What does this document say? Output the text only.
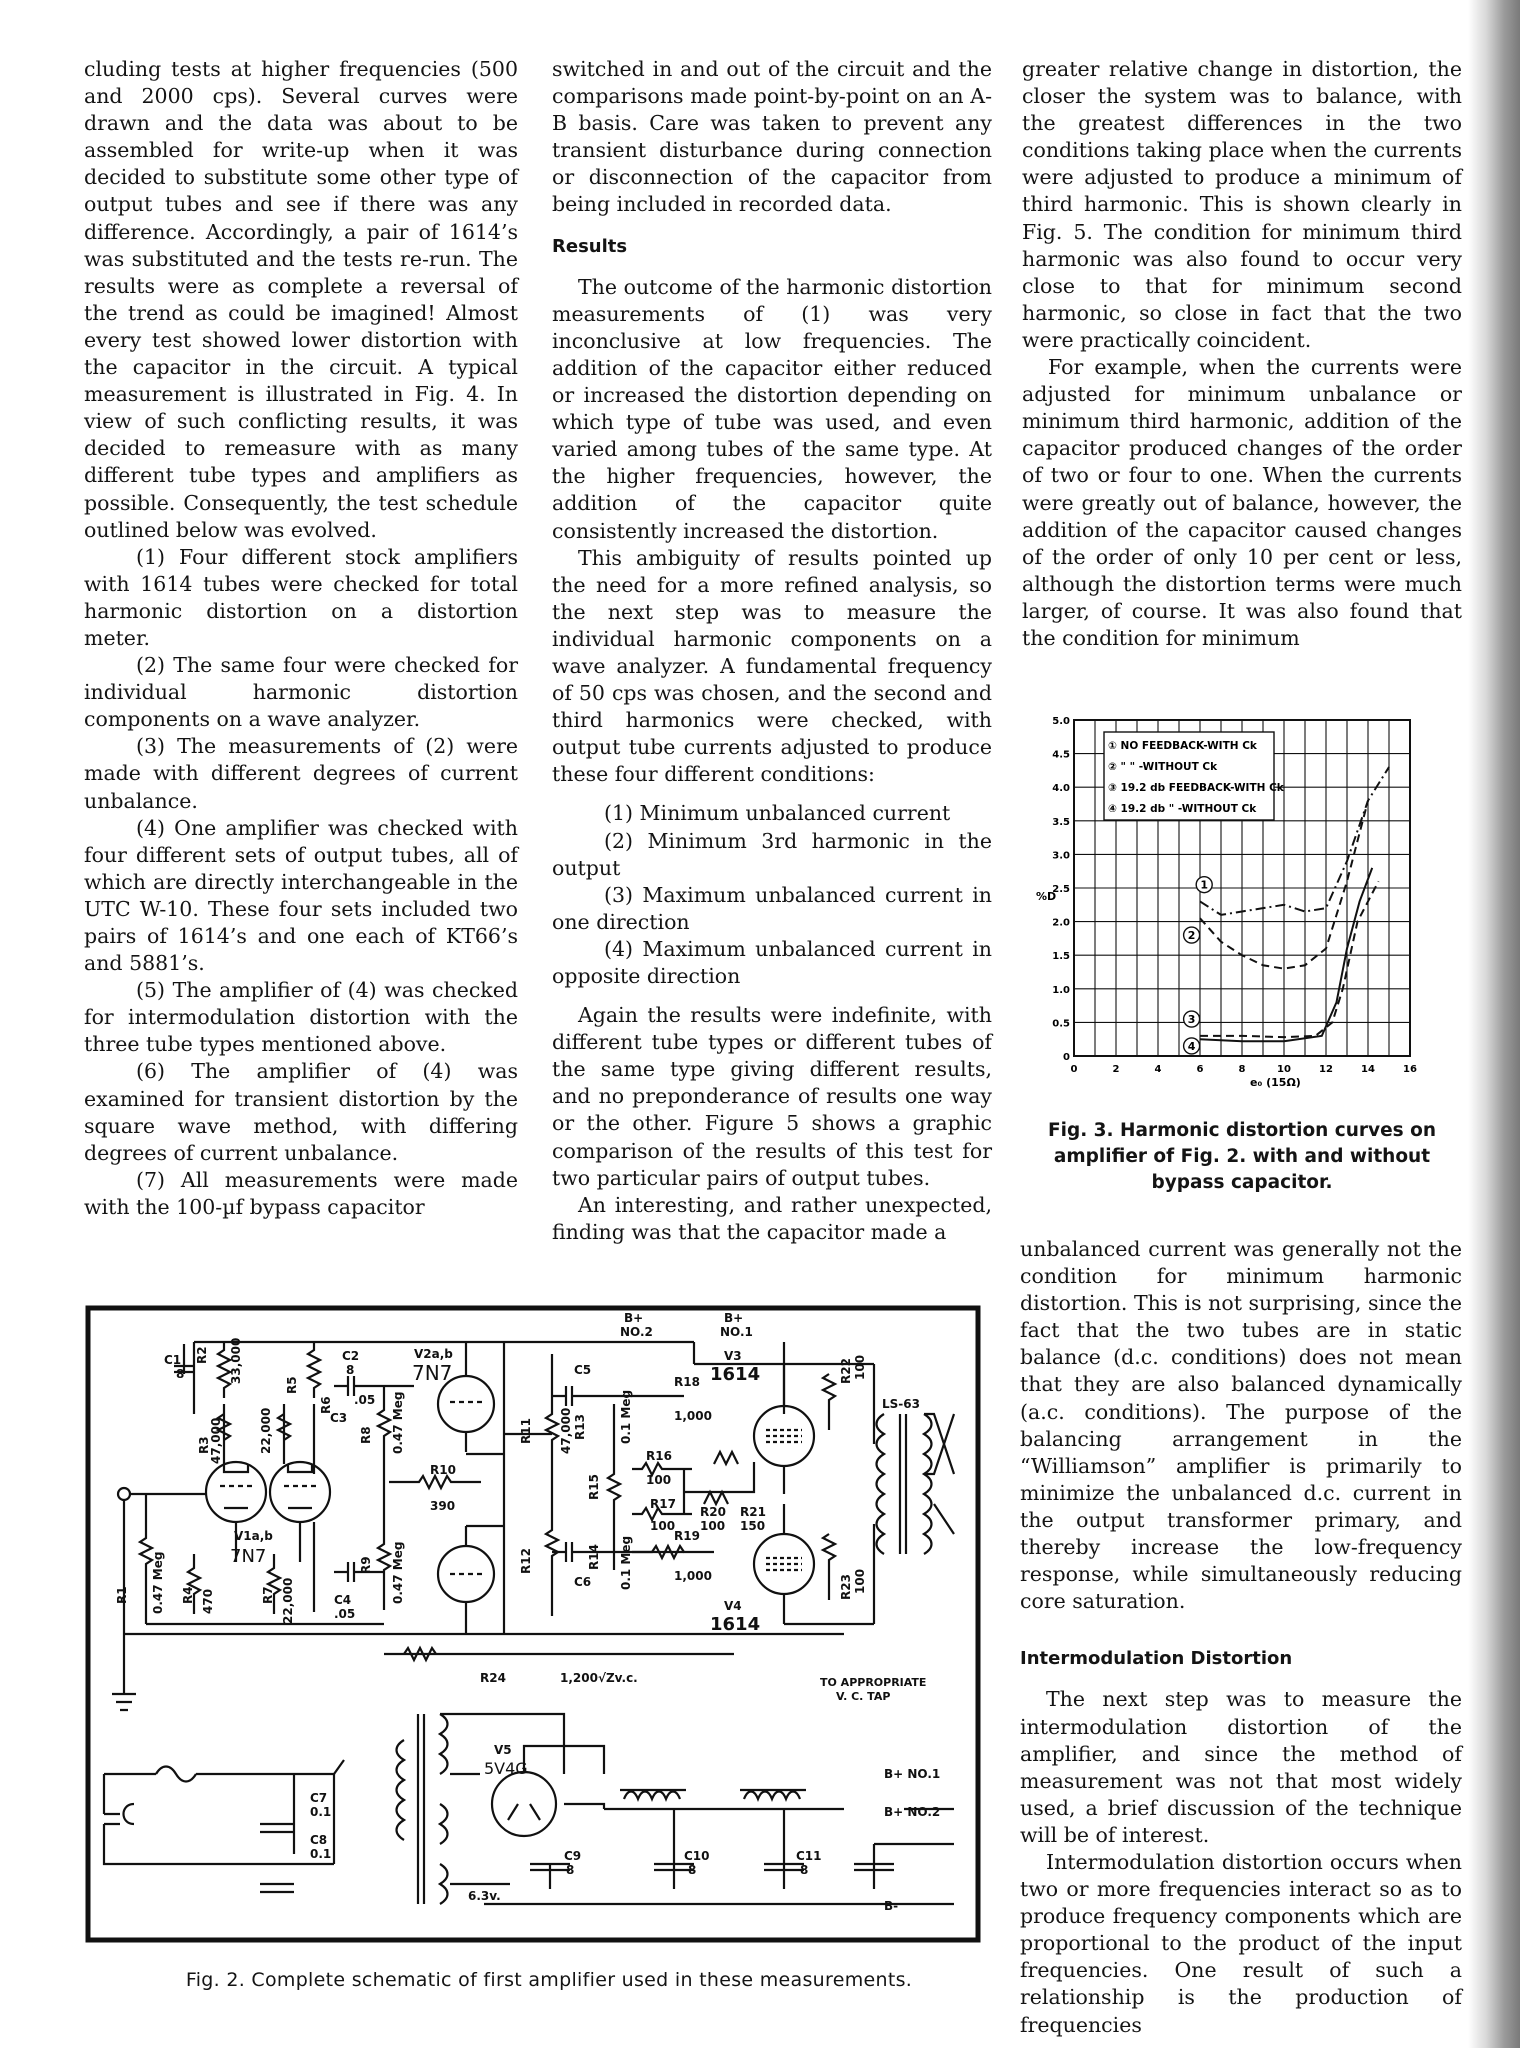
cluding tests at higher frequencies (500 and 2000 cps). Several curves were drawn and the data was about to be assembled for write-up when it was decided to substitute some other type of output tubes and see if there was any difference. Accordingly, a pair of 1614’s was substituted and the tests re-run. The results were as complete a reversal of the trend as could be imagined! Almost every test showed lower distortion with the capacitor in the circuit. A typical measurement is illustrated in Fig. 4. In view of such conflicting results, it was decided to remeasure with as many different tube types and amplifiers as possible. Consequently, the test schedule outlined below was evolved.

(1) Four different stock amplifiers with 1614 tubes were checked for total harmonic distortion on a distortion meter.

(2) The same four were checked for individual harmonic distortion components on a wave analyzer.

(3) The measurements of (2) were made with different degrees of current unbalance.

(4) One amplifier was checked with four different sets of output tubes, all of which are directly interchangeable in the UTC W-10. These four sets included two pairs of 1614’s and one each of KT66’s and 5881’s.

(5) The amplifier of (4) was checked for intermodulation distortion with the three tube types mentioned above.

(6) The amplifier of (4) was examined for transient distortion by the square wave method, with differing degrees of current unbalance.

(7) All measurements were made with the 100-µf bypass capacitor

switched in and out of the circuit and the comparisons made point-by-point on an A-B basis. Care was taken to prevent any transient disturbance during connection or disconnection of the capacitor from being included in recorded data.

Results

The outcome of the harmonic distortion measurements of (1) was very inconclusive at low frequencies. The addition of the capacitor either reduced or increased the distortion depending on which type of tube was used, and even varied among tubes of the same type. At the higher frequencies, however, the addition of the capacitor quite consistently increased the distortion.

This ambiguity of results pointed up the need for a more refined analysis, so the next step was to measure the individual harmonic components on a wave analyzer. A fundamental frequency of 50 cps was chosen, and the second and third harmonics were checked, with output tube currents adjusted to produce these four different conditions:

(1) Minimum unbalanced current

(2) Minimum 3rd harmonic in the output

(3) Maximum unbalanced current in one direction

(4) Maximum unbalanced current in opposite direction

Again the results were indefinite, with different tube types or different tubes of the same type giving different results, and no preponderance of results one way or the other. Figure 5 shows a graphic comparison of the results of this test for two particular pairs of output tubes.

An interesting, and rather unexpected, finding was that the capacitor made a

greater relative change in distortion, the closer the system was to balance, with the greatest differences in the two conditions taking place when the currents were adjusted to produce a minimum of third harmonic. This is shown clearly in Fig. 5. The condition for minimum third harmonic was also found to occur very close to that for minimum second harmonic, so close in fact that the two were practically coincident.

For example, when the currents were adjusted for minimum unbalance or minimum third harmonic, addition of the capacitor produced changes of the order of two or four to one. When the currents were greatly out of balance, however, the addition of the capacitor caused changes of the order of only 10 per cent or less, although the distortion terms were much larger, of course. It was also found that the condition for minimum

0	2	4	6	8	10	12	14	16
0
0.5
1.0
1.5
2.0
2.5
3.0
3.5
4.0
4.5
5.0
1
2
3
4
① NO FEEDBACK-WITH Ck
② " " -WITHOUT Ck
③ 19.2 db FEEDBACK-WITH Ck
④ 19.2 db " -WITHOUT Ck
%D
e₀ (15Ω)
Fig. 3. Harmonic distortion curves on amplifier of Fig. 2. with and without bypass capacitor.

unbalanced current was generally not the condition for minimum harmonic distortion. This is not surprising, since the fact that the two tubes are in static balance (d.c. conditions) does not mean that they are also balanced dynamically (a.c. conditions). The purpose of the balancing arrangement in the “Williamson” amplifier is primarily to minimize the unbalanced d.c. current in the output transformer primary, and thereby increase the low-frequency response, while simultaneously reducing core saturation.

Intermodulation Distortion

The next step was to measure the intermodulation distortion of the amplifier, and since the method of measurement was not that most widely used, a brief discussion of the technique will be of interest.

Intermodulation distortion occurs when two or more frequencies interact so as to produce frequency components which are proportional to the product of the input frequencies. One result of such a relationship is the production of frequencies

C1
8
R2 33,000
R3
47,000
R5
22,000
R6
C2
8
.05
C3
V2a,b
7N7
B+
NO.2
B+
NO.1
V3
1614	R22 100
C5
R18
1,000
R8 0.47 Meg
R10
390
R11	R13
47,000
R15
0.1 Meg
R16
100
R17
100
R20
100
R21
150
LS-63
R1 0.47 Meg
V1a,b
7N7	R9 0.47 Meg	R12	R14 0.1 Meg	R19
1,000
V4
1614
R23 100
R4 470	R7 22,000	C4
.05
C6
R24	1,200√Zv.c.	TO APPROPRIATE
V. C. TAP
V5
5V4G
C7
0.1
C8
0.1
B+ NO.1
B+ NO.2
6.3v.
C9
8
C10
8
C11
8
B-
Fig. 2. Complete schematic of first amplifier used in these measurements.
